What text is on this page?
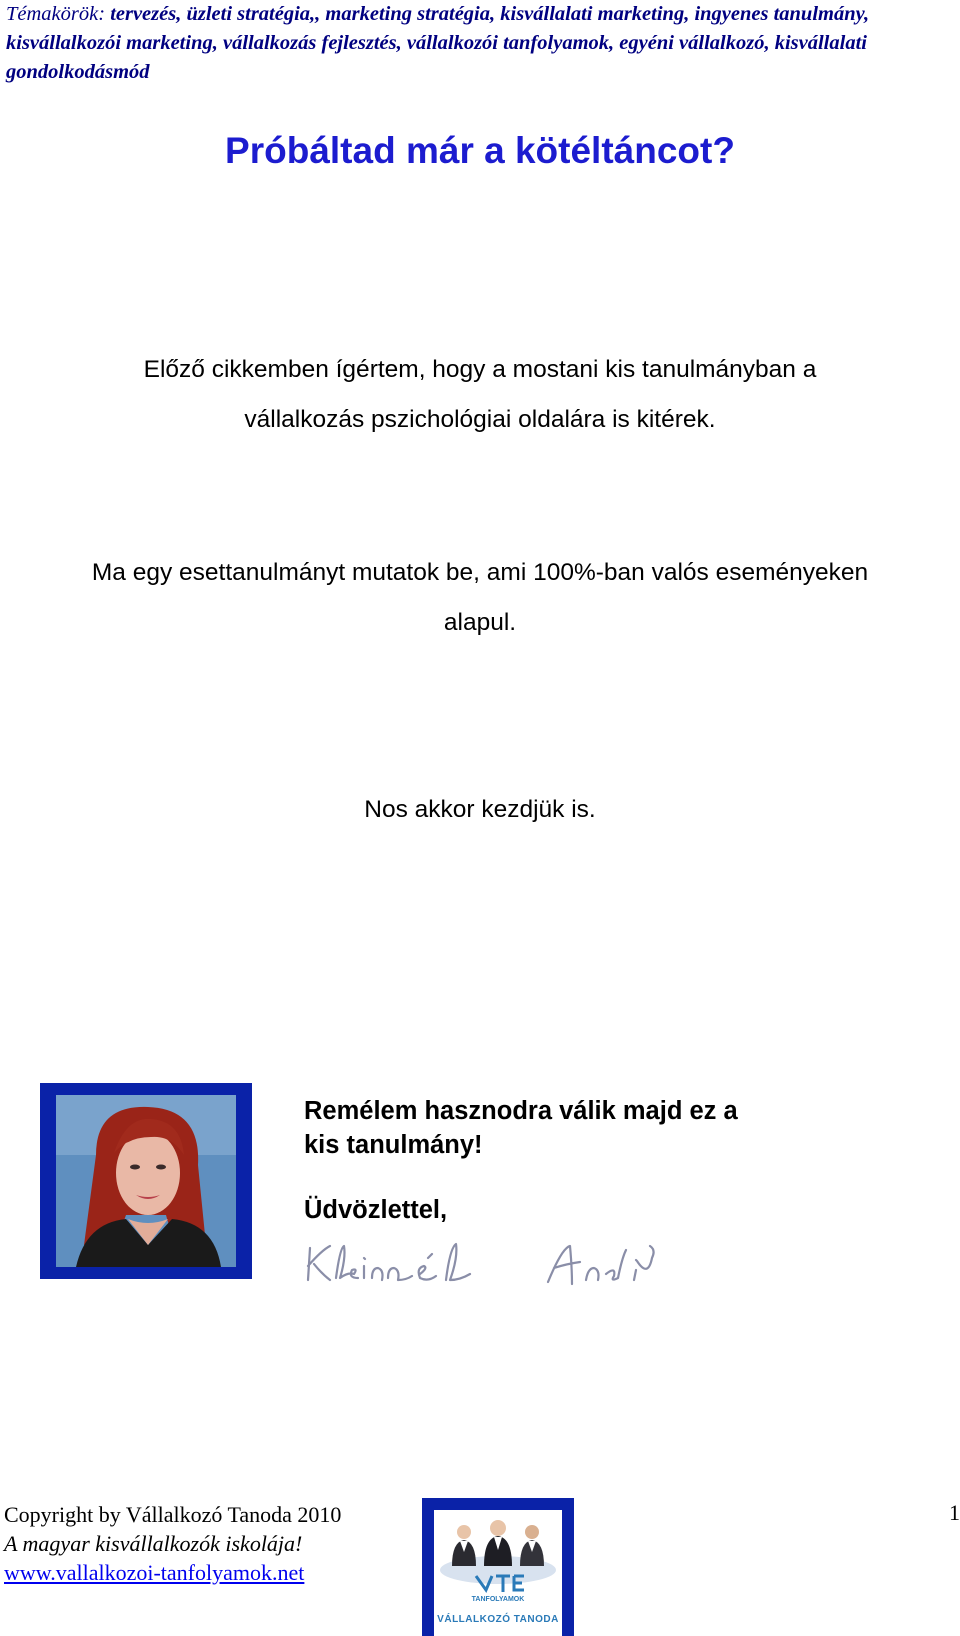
Témakörök: tervezés, üzleti stratégia,, marketing stratégia, kisvállalati marketing, ingyenes tanulmány, kisvállalkozói marketing, vállalkozás fejlesztés, vállalkozói tanfolyamok, egyéni vállalkozó, kisvállalati gondolkodásmód
Próbáltad már a kötéltáncot?
Előző cikkemben ígértem, hogy a mostani kis tanulmányban a
vállalkozás pszichológiai oldalára is kitérek.
Ma egy esettanulmányt mutatok be, ami 100%-ban valós eseményeken
alapul.
Nos akkor kezdjük is.
Remélem hasznodra válik majd ez a
kis tanulmány!
Üdvözlettel,
Copyright by Vállalkozó Tanoda 2010
A magyar kisvállalkozók iskolája!
www.vallalkozoi-tanfolyamok.net
TANFOLYAMOK
VÁLLALKOZÓ TANODA
1
